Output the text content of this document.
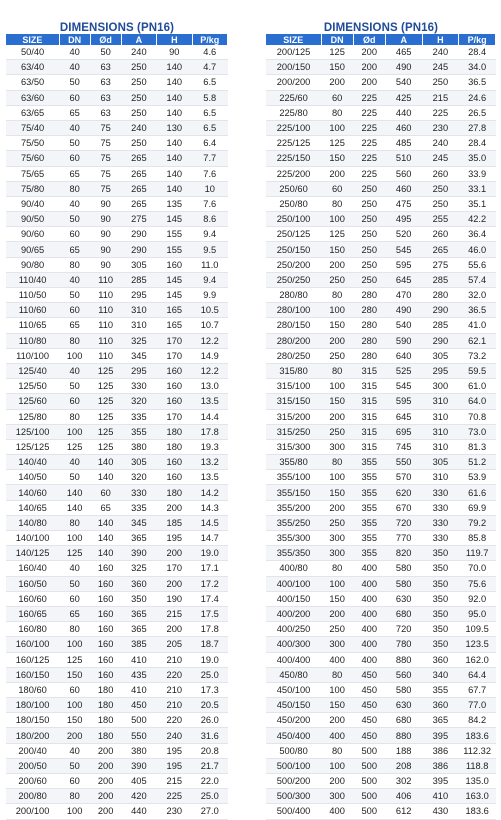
DIMENSIONS (PN16)
SIZE	DN	Ød	A	H	P/kg
50/40	40	50	240	90	4.6
63/40	40	63	250	140	4.7
63/50	50	63	250	140	6.5
63/60	60	63	250	140	5.8
63/65	65	63	250	140	6.5
75/40	40	75	240	130	6.5
75/50	50	75	250	140	6.4
75/60	60	75	265	140	7.7
75/65	65	75	265	140	7.6
75/80	80	75	265	140	10
90/40	40	90	265	135	7.6
90/50	50	90	275	145	8.6
90/60	60	90	290	155	9.4
90/65	65	90	290	155	9.5
90/80	80	90	305	160	11.0
110/40	40	110	285	145	9.4
110/50	50	110	295	145	9.9
110/60	60	110	310	165	10.5
110/65	65	110	310	165	10.7
110/80	80	110	325	170	12.2
110/100	100	110	345	170	14.9
125/40	40	125	295	160	12.2
125/50	50	125	330	160	13.0
125/60	60	125	320	160	13.5
125/80	80	125	335	170	14.4
125/100	100	125	355	180	17.8
125/125	125	125	380	180	19.3
140/40	40	140	305	160	13.2
140/50	50	140	320	160	13.5
140/60	140	60	330	180	14.2
140/65	140	65	335	200	14.3
140/80	80	140	345	185	14.5
140/100	100	140	365	195	14.7
140/125	125	140	390	200	19.0
160/40	40	160	325	170	17.1
160/50	50	160	360	200	17.2
160/60	60	160	350	190	17.4
160/65	65	160	365	215	17.5
160/80	80	160	365	200	17.8
160/100	100	160	385	205	18.7
160/125	125	160	410	210	19.0
160/150	150	160	435	220	25.0
180/60	60	180	410	210	17.3
180/100	100	180	450	210	20.5
180/150	150	180	500	220	26.0
180/200	200	180	550	240	31.6
200/40	40	200	380	195	20.8
200/50	50	200	390	195	21.7
200/60	60	200	405	215	22.0
200/80	80	200	420	225	25.0
200/100	100	200	440	230	27.0
DIMENSIONS (PN16)
SIZE	DN	Ød	A	H	P/kg
200/125	125	200	465	240	28.4
200/150	150	200	490	245	34.0
200/200	200	200	540	250	36.5
225/60	60	225	425	215	24.6
225/80	80	225	440	225	26.5
225/100	100	225	460	230	27.8
225/125	125	225	485	240	28.4
225/150	150	225	510	245	35.0
225/200	200	225	560	260	33.9
250/60	60	250	460	250	33.1
250/80	80	250	475	250	35.1
250/100	100	250	495	255	42.2
250/125	125	250	520	260	36.4
250/150	150	250	545	265	46.0
250/200	200	250	595	275	55.6
250/250	250	250	645	285	57.4
280/80	80	280	470	280	32.0
280/100	100	280	490	290	36.5
280/150	150	280	540	285	41.0
280/200	200	280	590	290	62.1
280/250	250	280	640	305	73.2
315/80	80	315	525	295	59.5
315/100	100	315	545	300	61.0
315/150	150	315	595	310	64.0
315/200	200	315	645	310	70.8
315/250	250	315	695	310	73.0
315/300	300	315	745	310	81.3
355/80	80	355	550	305	51.2
355/100	100	355	570	310	53.9
355/150	150	355	620	330	61.6
355/200	200	355	670	330	69.9
355/250	250	355	720	330	79.2
355/300	300	355	770	330	85.8
355/350	300	355	820	350	119.7
400/80	80	400	580	350	70.0
400/100	100	400	580	350	75.6
400/150	150	400	630	350	92.0
400/200	200	400	680	350	95.0
400/250	250	400	720	350	109.5
400/300	300	400	780	350	123.5
400/400	400	400	880	360	162.0
450/80	80	450	560	340	64.4
450/100	100	450	580	355	67.7
450/150	150	450	630	360	77.0
450/200	200	450	680	365	84.2
450/400	400	450	880	395	183.6
500/80	80	500	188	386	112.32
500/100	100	500	208	386	118.8
500/200	200	500	302	395	135.0
500/300	300	500	406	410	163.0
500/400	400	500	612	430	183.6
